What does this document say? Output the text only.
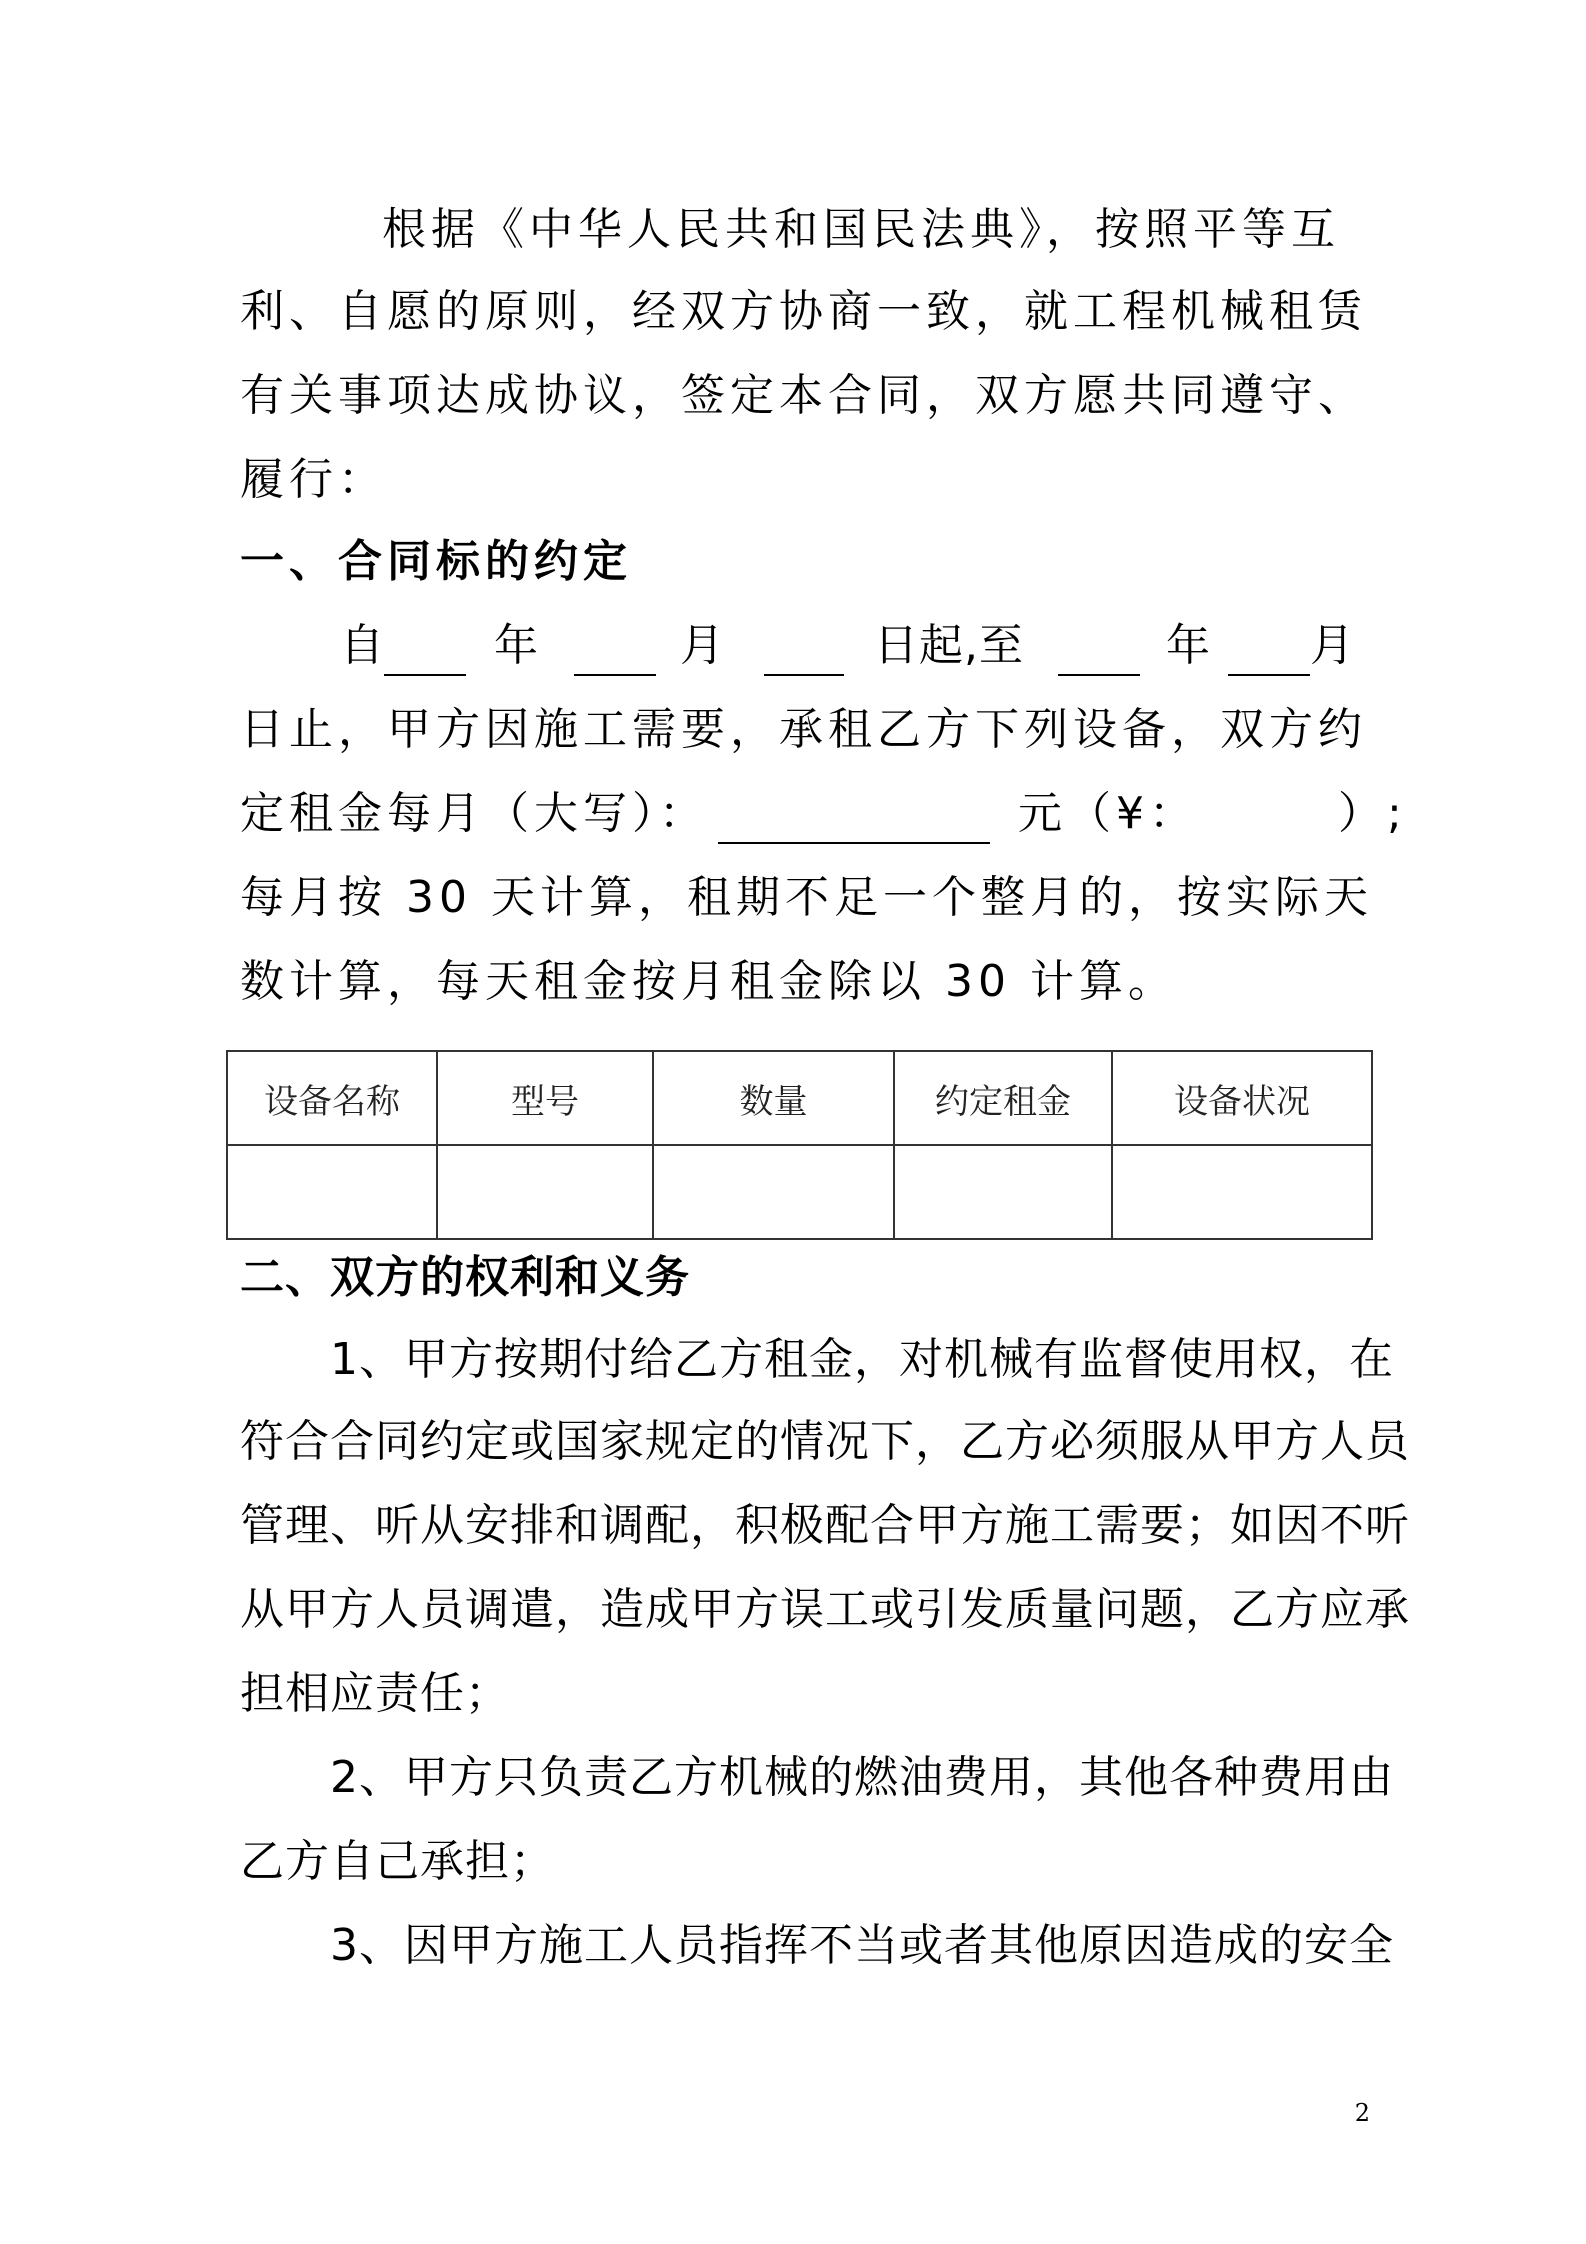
根据《中华人民共和国民法典》，按照平等互
利、自愿的原则，经双方协商一致，就工程机械租赁
有关事项达成协议，签定本合同，双方愿共同遵守、
履行：
一、合同标的约定
自	年	月	日起,至	年 月
日止，甲方因施工需要，承租乙方下列设备，双方约
定租金每月（大写）：	元（¥：	）;
每月按 30 天计算，租期不足一个整月的，按实际天
数计算，每天租金按月租金除以 30 计算。
设备名称	型号	数量	约定租金	设备状况

二、双方的权利和义务
1、甲方按期付给乙方租金，对机械有监督使用权，在
符合合同约定或国家规定的情况下，乙方必须服从甲方人员
管理、听从安排和调配，积极配合甲方施工需要；如因不听
从甲方人员调遣，造成甲方误工或引发质量问题，乙方应承
担相应责任；
2、甲方只负责乙方机械的燃油费用，其他各种费用由
乙方自己承担；
3、因甲方施工人员指挥不当或者其他原因造成的安全
2
